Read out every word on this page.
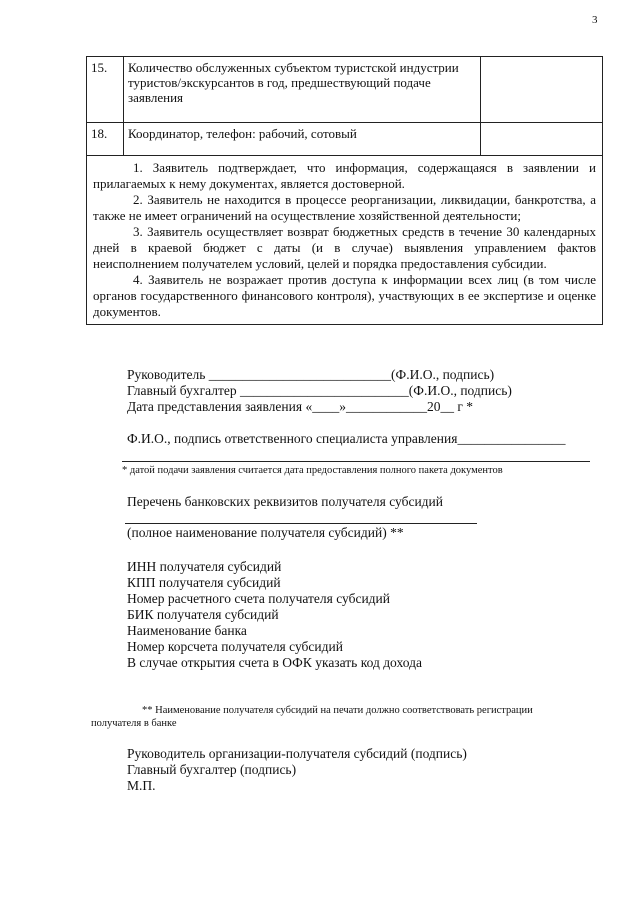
3
15.	Количество обслуженных субъектом туристской индустрии туристов/экскурсантов в год, предшествующий подаче заявления	
18.	Координатор, телефон: рабочий, сотовый	

1. Заявитель подтверждает, что информация, содержащаяся в заявлении и прилагаемых к нему документах, является достоверной.

2. Заявитель не находится в процессе реорганизации, ликвидации, банкротства, а также не имеет ограничений на осуществление хозяйственной деятельности;

3. Заявитель осуществляет возврат бюджетных средств в течение 30 календарных дней в краевой бюджет с даты (и в случае) выявления управлением фактов неисполнением получателем условий, целей и порядка предоставления субсидии.

4. Заявитель не возражает против доступа к информации всех лиц (в том числе органов государственного финансового контроля), участвующих в ее экспертизе и оценке документов.		

Руководитель ___________________________(Ф.И.О., подпись)
Главный бухгалтер _________________________(Ф.И.О., подпись)
Дата представления заявления «____»____________20__ г *
Ф.И.О., подпись ответственного специалиста управления________________
* датой подачи заявления считается дата предоставления полного пакета документов
Перечень банковских реквизитов получателя субсидий
(полное наименование получателя субсидий) **
ИНН получателя субсидий
КПП получателя субсидий
Номер расчетного счета получателя субсидий
БИК получателя субсидий
Наименование банка
Номер корсчета получателя субсидий
В случае открытия счета в ОФК указать код дохода
** Наименование получателя субсидий на печати должно соответствовать регистрации
получателя в банке
Руководитель организации-получателя субсидий (подпись)
Главный бухгалтер (подпись)
М.П.
